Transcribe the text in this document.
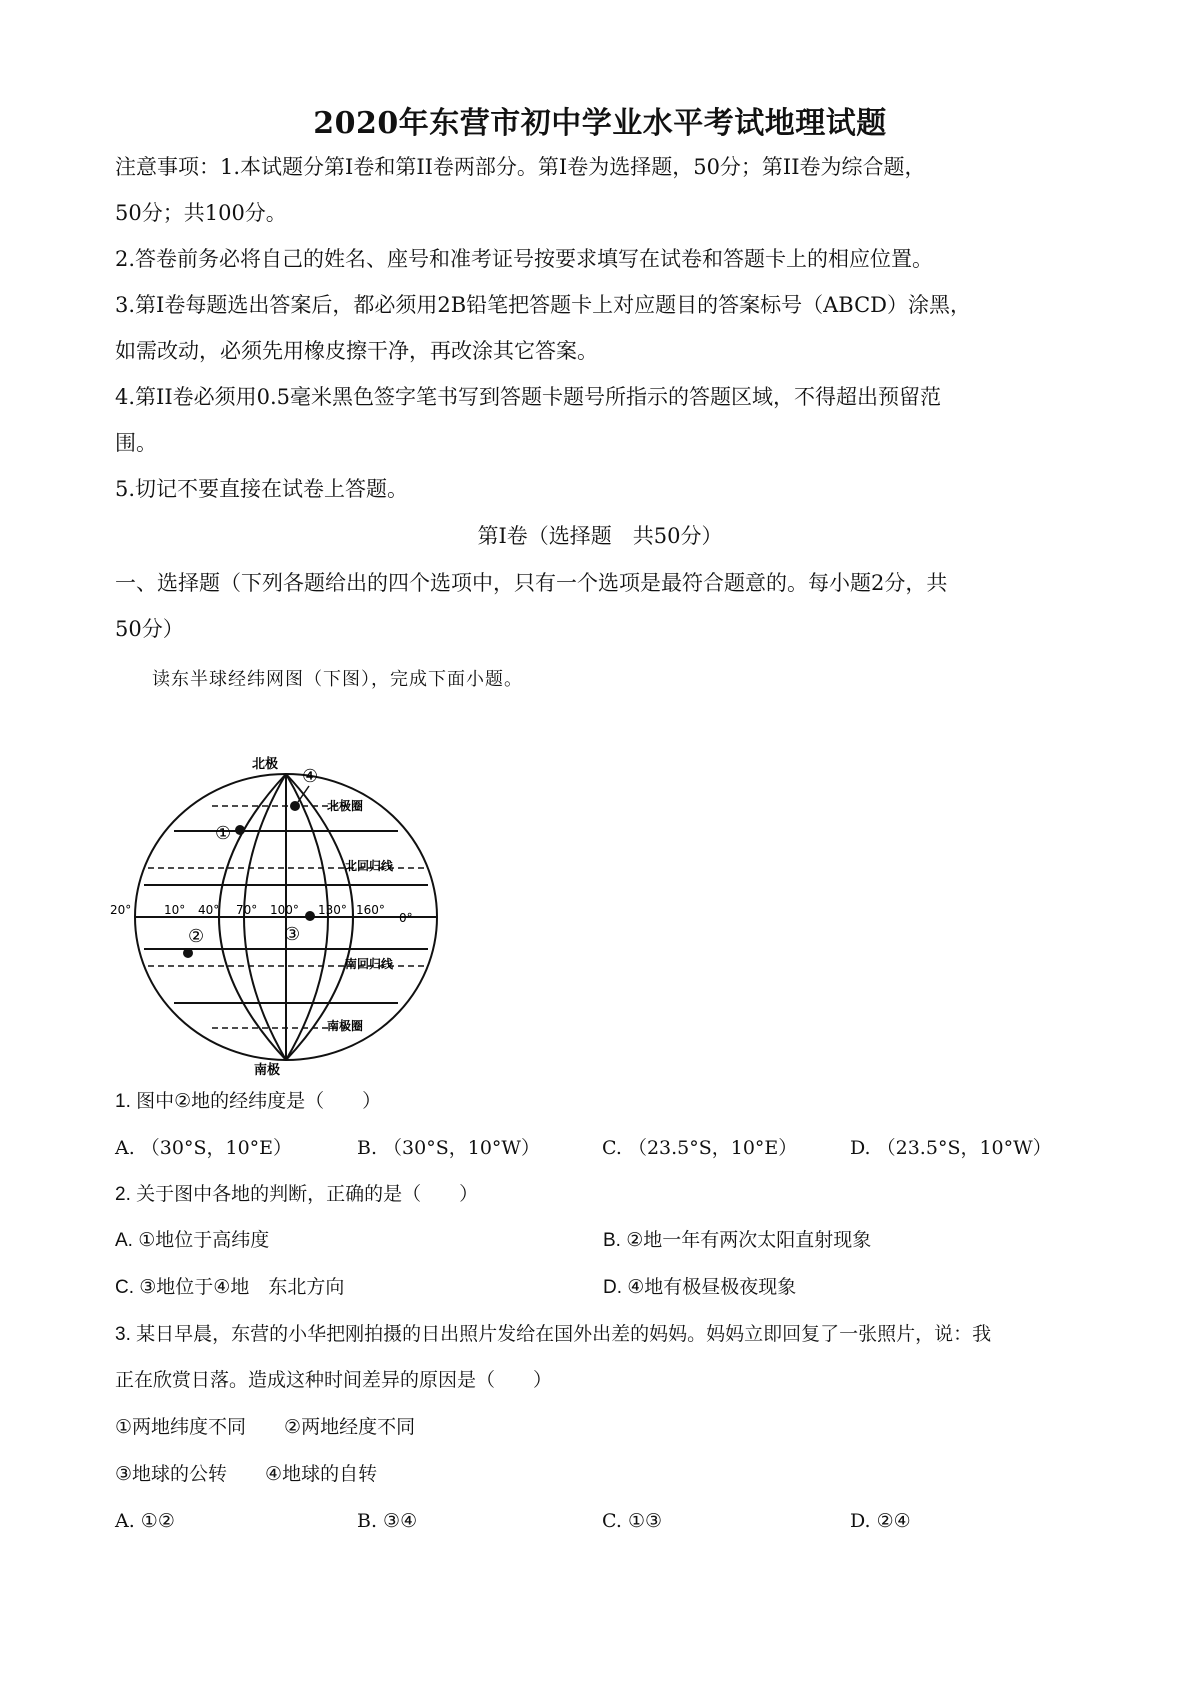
2020年东营市初中学业水平考试地理试题
注意事项：1.本试题分第Ⅰ卷和第II卷两部分。第Ⅰ卷为选择题，50分；第II卷为综合题，
50分；共100分。
2.答卷前务必将自己的姓名、座号和准考证号按要求填写在试卷和答题卡上的相应位置。
3.第Ⅰ卷每题选出答案后，都必须用2B铅笔把答题卡上对应题目的答案标号（ABCD）涂黑，
如需改动，必须先用橡皮擦干净，再改涂其它答案。
4.第II卷必须用0.5毫米黑色签字笔书写到答题卡题号所指示的答题区域，不得超出预留范
围。
5.切记不要直接在试卷上答题。
第Ⅰ卷（选择题　共50分）
一、选择题（下列各题给出的四个选项中，只有一个选项是最符合题意的。每小题2分，共
50分）
读东半球经纬网图（下图），完成下面小题。
①
②	③
④
北极
南极
北极圈
北回归线
南回归线
南极圈
0°
20°	10° 40° 70° 100° 130° 160°
1. 图中②地的经纬度是（　　）
A. （30°S，10°E）	B. （30°S，10°W）	C. （23.5°S，10°E）	D. （23.5°S，10°W）
2. 关于图中各地的判断，正确的是（　　）
A. ①地位于高纬度	B. ②地一年有两次太阳直射现象
C. ③地位于④地　东北方向	D. ④地有极昼极夜现象
3. 某日早晨，东营的小华把刚拍摄的日出照片发给在国外出差的妈妈。妈妈立即回复了一张照片，说：我
正在欣赏日落。造成这种时间差异的原因是（　　）
①两地纬度不同　　②两地经度不同
③地球的公转　　④地球的自转
A. ①②	B. ③④	C. ①③	D. ②④
